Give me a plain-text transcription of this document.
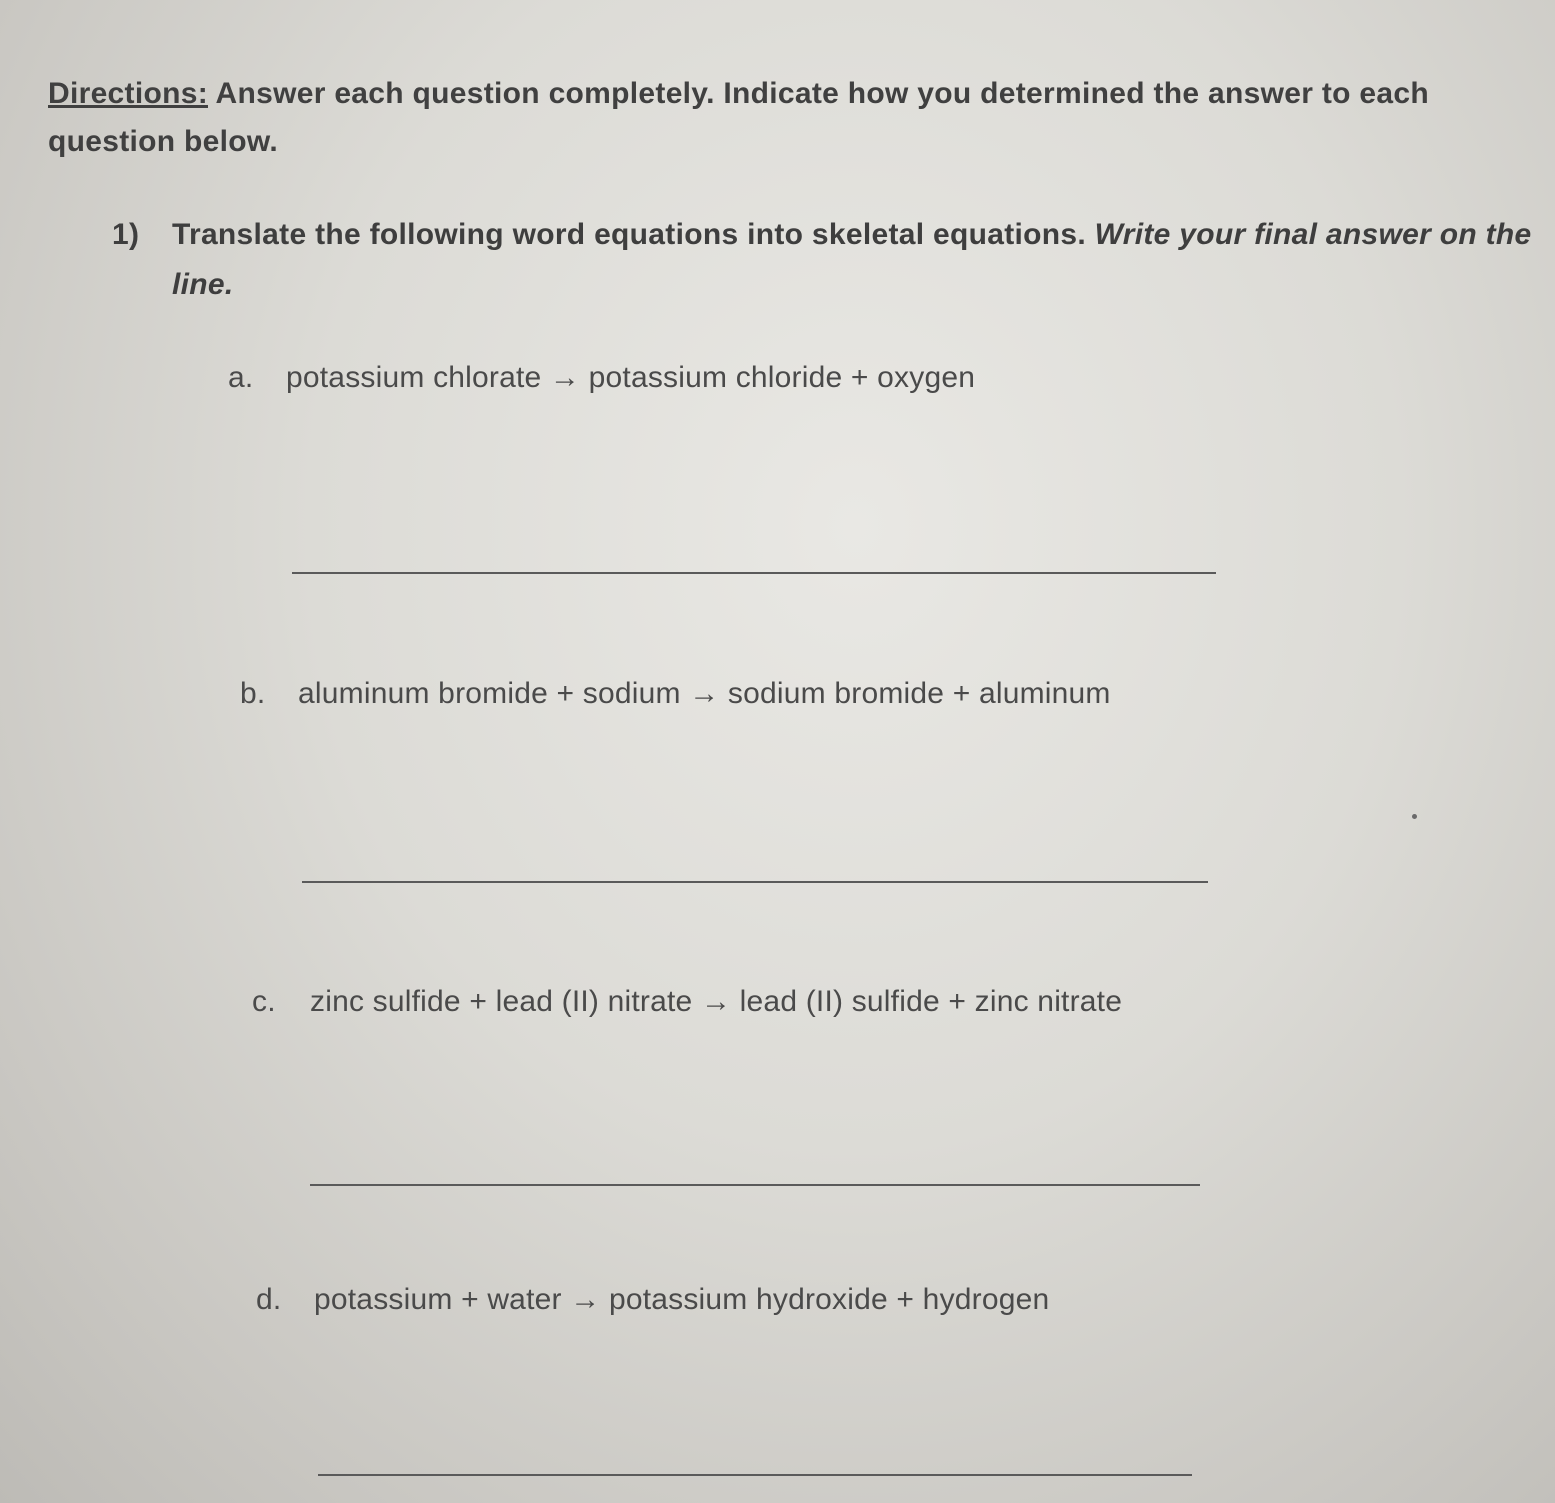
Directions: Answer each question completely. Indicate how you determined the answer to each question below.
1) Translate the following word equations into skeletal equations. Write your final answer on the line.
a. potassium chlorate → potassium chloride + oxygen
b. aluminum bromide + sodium → sodium bromide + aluminum
c. zinc sulfide + lead (II) nitrate → lead (II) sulfide + zinc nitrate
d. potassium + water → potassium hydroxide + hydrogen
